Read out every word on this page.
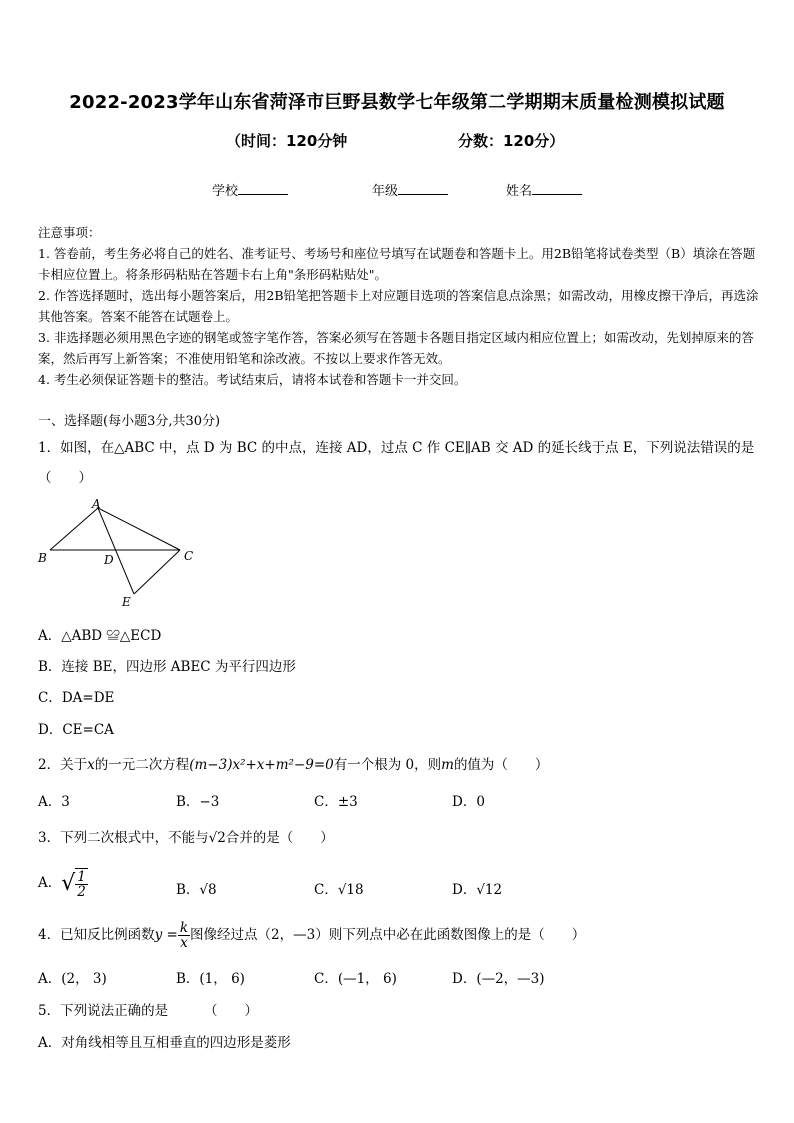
2022-2023学年山东省菏泽市巨野县数学七年级第二学期期末质量检测模拟试题
（时间：120分钟	分数：120分）
学校	年级	姓名

注意事项：

1. 答卷前，考生务必将自己的姓名、准考证号、考场号和座位号填写在试题卷和答题卡上。用2B铅笔将试卷类型（B）填涂在答题卡相应位置上。将条形码粘贴在答题卡右上角"条形码粘贴处"。

2. 作答选择题时，选出每小题答案后，用2B铅笔把答题卡上对应题目选项的答案信息点涂黑；如需改动，用橡皮擦干净后，再选涂其他答案。答案不能答在试题卷上。

3. 非选择题必须用黑色字迹的钢笔或签字笔作答，答案必须写在答题卡各题目指定区域内相应位置上；如需改动，先划掉原来的答案，然后再写上新答案；不准使用铅笔和涂改液。不按以上要求作答无效。

4. 考生必须保证答题卡的整洁。考试结束后，请将本试卷和答题卡一并交回。

一、选择题(每小题3分,共30分)
1．如图，在△ABC 中，点 D 为 BC 的中点，连接 AD，过点 C 作 CE∥AB 交 AD 的延长线于点 E，下列说法错误的是
（　　）
A
B	C
D
E
A．△ABD ≌△ECD
B．连接 BE，四边形 ABEC 为平行四边形
C．DA=DE
D．CE=CA
2．关于x的一元二次方程(m−3)x²+x+m²−9=0有一个根为 0，则m的值为（　　）
A．3	B．−3	C．±3	D．0
3．下列二次根式中，不能与√2合并的是（　　）
A．√ $\frac{1}{2}$	B．√8	C．√18	D．√12
4．已知反比例函数$y = \frac{k}{x}$ 图像经过点（2，—3）则下列点中必在此函数图像上的是（　　）
A．(2， 3)	B．(1， 6)	C．(—1， 6)	D．(—2，—3)
5．下列说法正确的是	（　　）
A．对角线相等且互相垂直的四边形是菱形
